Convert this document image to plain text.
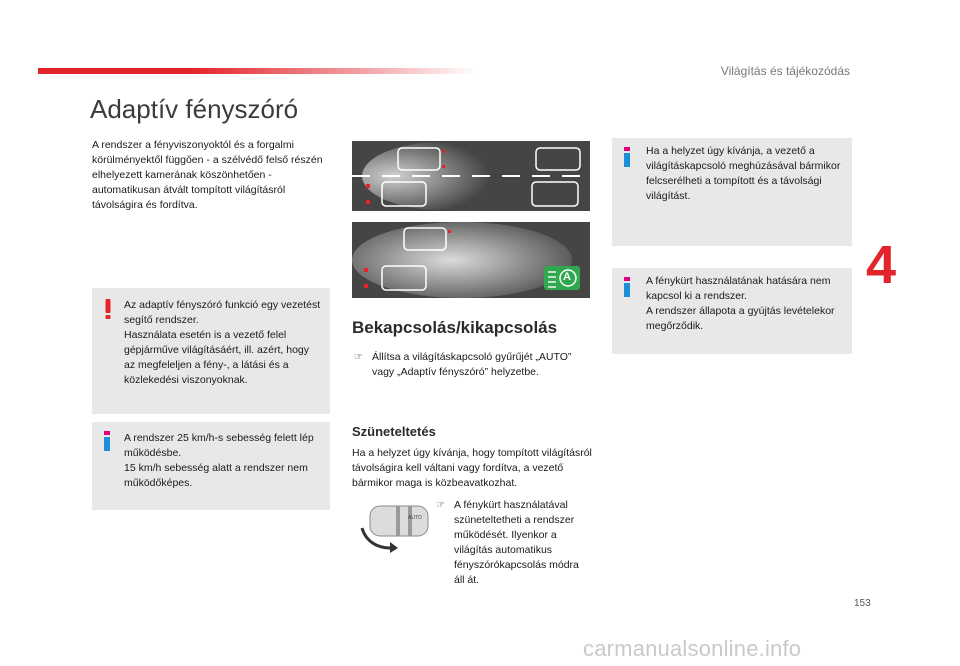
Világítás és tájékozódás
Adaptív fényszóró

A rendszer a fényviszonyoktól és a forgalmi körülményektől függően - a szélvédő felső részén elhelyezett kamerának köszönhetően - automatikusan átvált tompított világításról távolságira és fordítva.

Az adaptív fényszóró funkció egy vezetést segítő rendszer.
Használata esetén is a vezető felel gépjárműve világításáért, ill. azért, hogy az megfeleljen a fény-, a látási és a közlekedési viszonyoknak.

A rendszer 25 km/h-s sebesség felett lép működésbe.
15 km/h sebesség alatt a rendszer nem működőképes.

A
Bekapcsolás/kikapcsolás
☞ Állítsa a világításkapcsoló gyűrűjét „AUTO” vagy „Adaptív fényszóró” helyzetbe.
Szüneteltetés

Ha a helyzet úgy kívánja, hogy tompított világításról távolságira kell váltani vagy fordítva, a vezető bármikor maga is közbeavatkozhat.

AUTO
☞ A fénykürt használatával szüneteltetheti a rendszer működését. Ilyenkor a világítás automatikus fényszórókapcsolás módra áll át.

Ha a helyzet úgy kívánja, a vezető a világításkapcsoló meghúzásával bármikor felcserélheti a tompított és a távolsági világítást.

A fénykürt használatának hatására nem kapcsol ki a rendszer.
A rendszer állapota a gyújtás levételekor megőrződik.

4
153
carmanualsonline.info
